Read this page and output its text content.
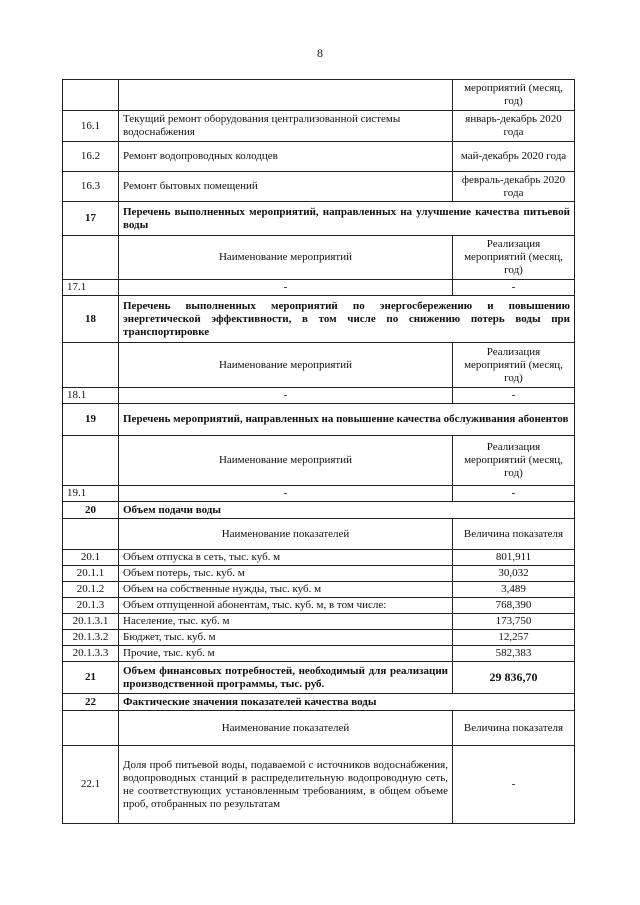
8
		мероприятий (месяц, год)
16.1	Текущий ремонт оборудования централизованной системы водоснабжения	январь-декабрь 2020 года
16.2	Ремонт водопроводных колодцев	май-декабрь 2020 года
16.3	Ремонт бытовых помещений	февраль-декабрь 2020 года
17	Перечень выполненных мероприятий, направленных на улучшение качества питьевой воды	
	Наименование мероприятий	Реализация мероприятий (месяц, год)
17.1	-	-
18	Перечень выполненных мероприятий по энергосбережению и повышению энергетической эффективности, в том числе по снижению потерь воды при транспортировке	
	Наименование мероприятий	Реализация мероприятий (месяц, год)
18.1	-	-
19	Перечень мероприятий, направленных на повышение качества обслуживания абонентов	
	Наименование мероприятий	Реализация мероприятий (месяц, год)
19.1	-	-
20	Объем подачи воды	
	Наименование показателей	Величина показателя
20.1	Объем отпуска в сеть, тыс. куб. м	801,911
20.1.1	Объем потерь, тыс. куб. м	30,032
20.1.2	Объем на собственные нужды, тыс. куб. м	3,489
20.1.3	Объем отпущенной абонентам, тыс. куб. м, в том числе:	768,390
20.1.3.1	Население, тыс. куб. м	173,750
20.1.3.2	Бюджет, тыс. куб. м	12,257
20.1.3.3	Прочие, тыс. куб. м	582,383
21	Объем финансовых потребностей, необходимый для реализации производственной программы, тыс. руб.	29 836,70
22	Фактические значения показателей качества воды	
	Наименование показателей	Величина показателя
22.1	Доля проб питьевой воды, подаваемой с источников водоснабжения, водопроводных станций в распределительную водопроводную сеть, не соответствующих установленным требованиям, в общем объеме проб, отобранных по результатам	-
